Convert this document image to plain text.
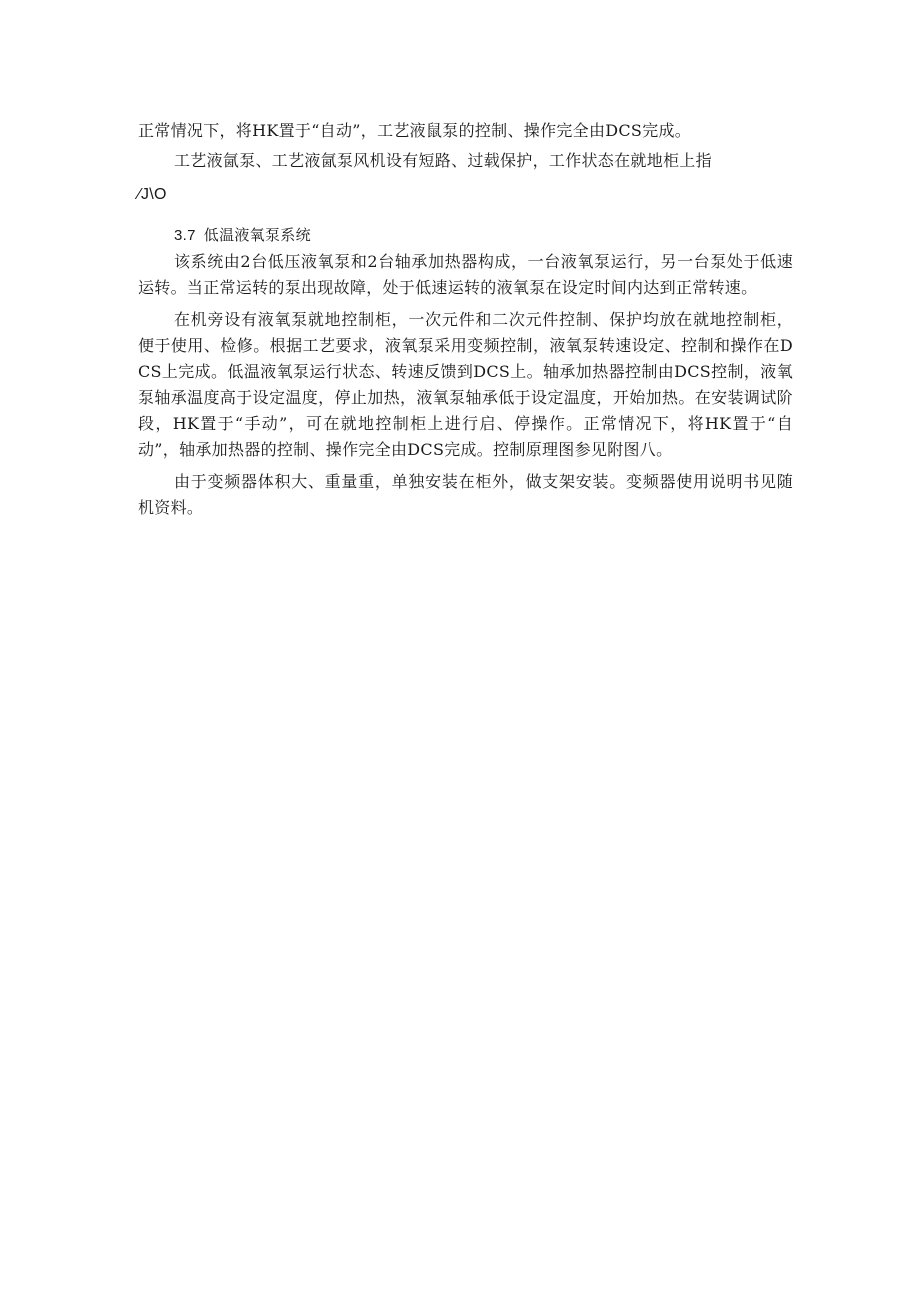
正常情况下，将HK置于“自动”，工艺液鼠泵的控制、操作完全由DCS完成。

工艺液氤泵、工艺液氤泵风机设有短路、过载保护，工作状态在就地柜上指

⁄J\O

3.7 低温液氧泵系统

该系统由2台低压液氧泵和2台轴承加热器构成，一台液氧泵运行，另一台泵处于低速运转。当正常运转的泵出现故障，处于低速运转的液氧泵在设定时间内达到正常转速。

在机旁设有液氧泵就地控制柜，一次元件和二次元件控制、保护均放在就地控制柜，便于使用、检修。根据工艺要求，液氧泵采用变频控制，液氧泵转速设定、控制和操作在DCS上完成。低温液氧泵运行状态、转速反馈到DCS上。轴承加热器控制由DCS控制，液氧泵轴承温度高于设定温度，停止加热，液氧泵轴承低于设定温度，开始加热。在安装调试阶段，HK置于“手动”，可在就地控制柜上进行启、停操作。正常情况下，将HK置于“自动”，轴承加热器的控制、操作完全由DCS完成。控制原理图参见附图八。

由于变频器体积大、重量重，单独安装在柜外，做支架安装。变频器使用说明书见随机资料。
